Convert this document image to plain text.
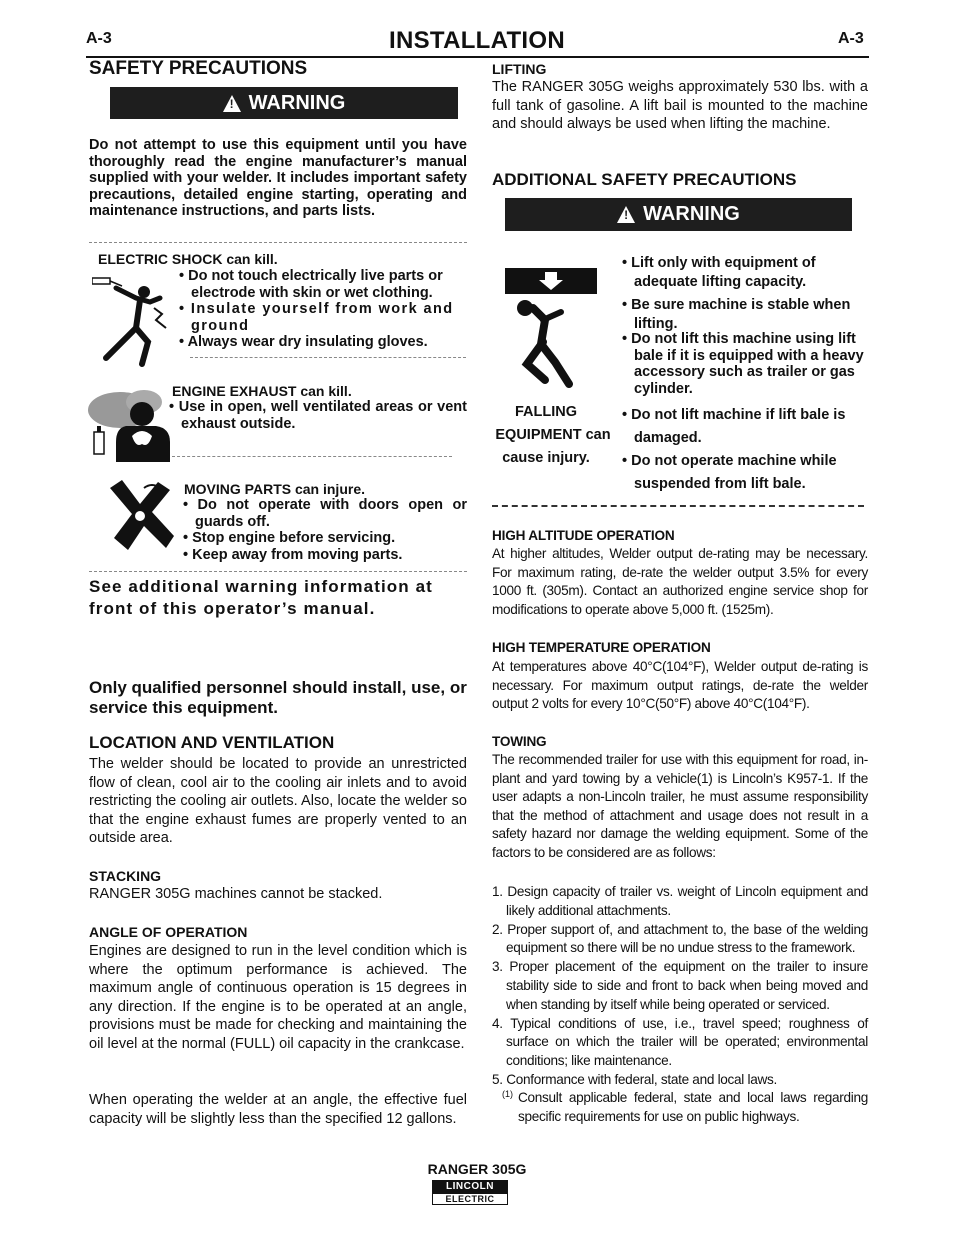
A-3	INSTALLATION	A-3
SAFETY PRECAUTIONS
! WARNING
Do not attempt to use this equipment until you have thoroughly read the engine manufacturer’s manual supplied with your welder. It includes important safety precautions, detailed engine starting, operating and maintenance instructions, and parts lists.
ELECTRIC SHOCK can kill.
• Do not touch electrically live parts or electrode with skin or wet clothing.
• Insulate yourself from work and ground
• Always wear dry insulating gloves.
ENGINE EXHAUST can kill.
• Use in open, well ventilated areas or vent exhaust outside.
MOVING PARTS can injure.
• Do not operate with doors open or guards off.
• Stop engine before servicing.
• Keep away from moving parts.
See additional warning information at front of this operator’s manual.
Only qualified personnel should install, use, or service this equipment.
LOCATION AND VENTILATION
The welder should be located to provide an unrestricted flow of clean, cool air to the cooling air inlets and to avoid restricting the cooling air outlets. Also, locate the welder so that the engine exhaust fumes are properly vented to an outside area.
STACKING
RANGER 305G machines cannot be stacked.
ANGLE OF OPERATION
Engines are designed to run in the level condition which is where the optimum performance is achieved. The maximum angle of continuous operation is 15 degrees in any direction. If the engine is to be operated at an angle, provisions must be made for checking and maintaining the oil level at the normal (FULL) oil capacity in the crankcase.
When operating the welder at an angle, the effective fuel capacity will be slightly less than the specified 12 gallons.
LIFTING
The RANGER 305G weighs approximately 530 lbs. with a full tank of gasoline. A lift bail is mounted to the machine and should always be used when lifting the machine.
ADDITIONAL SAFETY PRECAUTIONS
! WARNING
FALLING
EQUIPMENT can
cause injury.
• Lift only with equipment of adequate lifting capacity.
• Be sure machine is stable when lifting.
• Do not lift this machine using lift bale if it is equipped with a heavy accessory such as trailer or gas cylinder.
• Do not lift machine if lift bale is damaged.
• Do not operate machine while suspended from lift bale.
HIGH ALTITUDE OPERATION
At higher altitudes, Welder output de-rating may be necessary. For maximum rating, de-rate the welder output 3.5% for every 1000 ft. (305m). Contact an authorized engine service shop for modifications to operate above 5,000 ft. (1525m).
HIGH TEMPERATURE OPERATION
At temperatures above 40°C(104°F), Welder output de-rating is necessary. For maximum output ratings, de-rate the welder output 2 volts for every 10°C(50°F) above 40°C(104°F).
TOWING
The recommended trailer for use with this equipment for road, in-plant and yard towing by a vehicle(1) is Lincoln’s K957-1. If the user adapts a non-Lincoln trailer, he must assume responsibility that the method of attachment and usage does not result in a safety hazard nor damage the welding equipment. Some of the factors to be considered are as follows:
1. Design capacity of trailer vs. weight of Lincoln equipment and likely additional attachments.
2. Proper support of, and attachment to, the base of the welding equipment so there will be no undue stress to the framework.
3. Proper placement of the equipment on the trailer to insure stability side to side and front to back when being moved and when standing by itself while being operated or serviced.
4. Typical conditions of use, i.e., travel speed; roughness of surface on which the trailer will be operated; environmental conditions; like maintenance.
5. Conformance with federal, state and local laws.
(1) Consult applicable federal, state and local laws regarding specific requirements for use on public highways.
RANGER 305G
LINCOLN
ELECTRIC
